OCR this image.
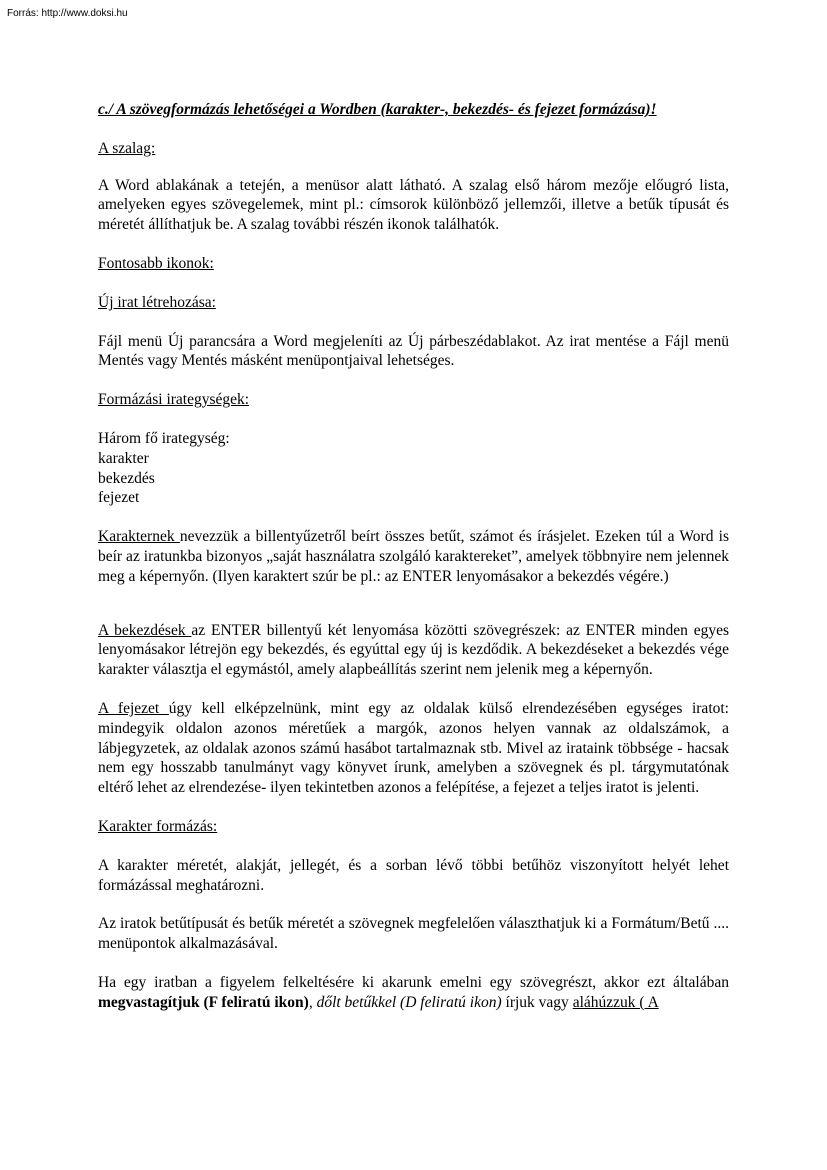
Forrás: http://www.doksi.hu

c./ A szövegformázás lehetőségei a Wordben (karakter-, bekezdés- és fejezet formázása)!

A szalag:

A Word ablakának a tetején, a menüsor alatt látható. A szalag első három mezője előugró lista, amelyeken egyes szövegelemek, mint pl.: címsorok különböző jellemzői, illetve a betűk típusát és méretét állíthatjuk be. A szalag további részén ikonok találhatók.

Fontosabb ikonok:

Új irat létrehozása:

Fájl menü Új parancsára a Word megjeleníti az Új párbeszédablakot. Az irat mentése a Fájl menü Mentés vagy Mentés másként menüpontjaival lehetséges.

Formázási irategységek:

Három fő irategység:

karakter

bekezdés

fejezet

Karakternek nevezzük a billentyűzetről beírt összes betűt, számot és írásjelet. Ezeken túl a Word is beír az iratunkba bizonyos „saját használatra szolgáló karaktereket”, amelyek többnyire nem jelennek meg a képernyőn. (Ilyen karaktert szúr be pl.: az ENTER lenyomásakor a bekezdés végére.)

A bekezdések az ENTER billentyű két lenyomása közötti szövegrészek: az ENTER minden egyes lenyomásakor létrejön egy bekezdés, és egyúttal egy új is kezdődik. A bekezdéseket a bekezdés vége karakter választja el egymástól, amely alapbeállítás szerint nem jelenik meg a képernyőn.

A fejezet úgy kell elképzelnünk, mint egy az oldalak külső elrendezésében egységes iratot: mindegyik oldalon azonos méretűek a margók, azonos helyen vannak az oldalszámok, a lábjegyzetek, az oldalak azonos számú hasábot tartalmaznak stb. Mivel az irataink többsége - hacsak nem egy hosszabb tanulmányt vagy könyvet írunk, amelyben a szövegnek és pl. tárgymutatónak eltérő lehet az elrendezése- ilyen tekintetben azonos a felépítése, a fejezet a teljes iratot is jelenti.

Karakter formázás:

A karakter méretét, alakját, jellegét, és a sorban lévő többi betűhöz viszonyított helyét lehet formázással meghatározni.

Az iratok betűtípusát és betűk méretét a szövegnek megfelelően választhatjuk ki a Formátum/Betű .... menüpontok alkalmazásával.

Ha egy iratban a figyelem felkeltésére ki akarunk emelni egy szövegrészt, akkor ezt általában megvastagítjuk (F feliratú ikon), dőlt betűkkel (D feliratú ikon) írjuk vagy aláhúzzuk ( A
